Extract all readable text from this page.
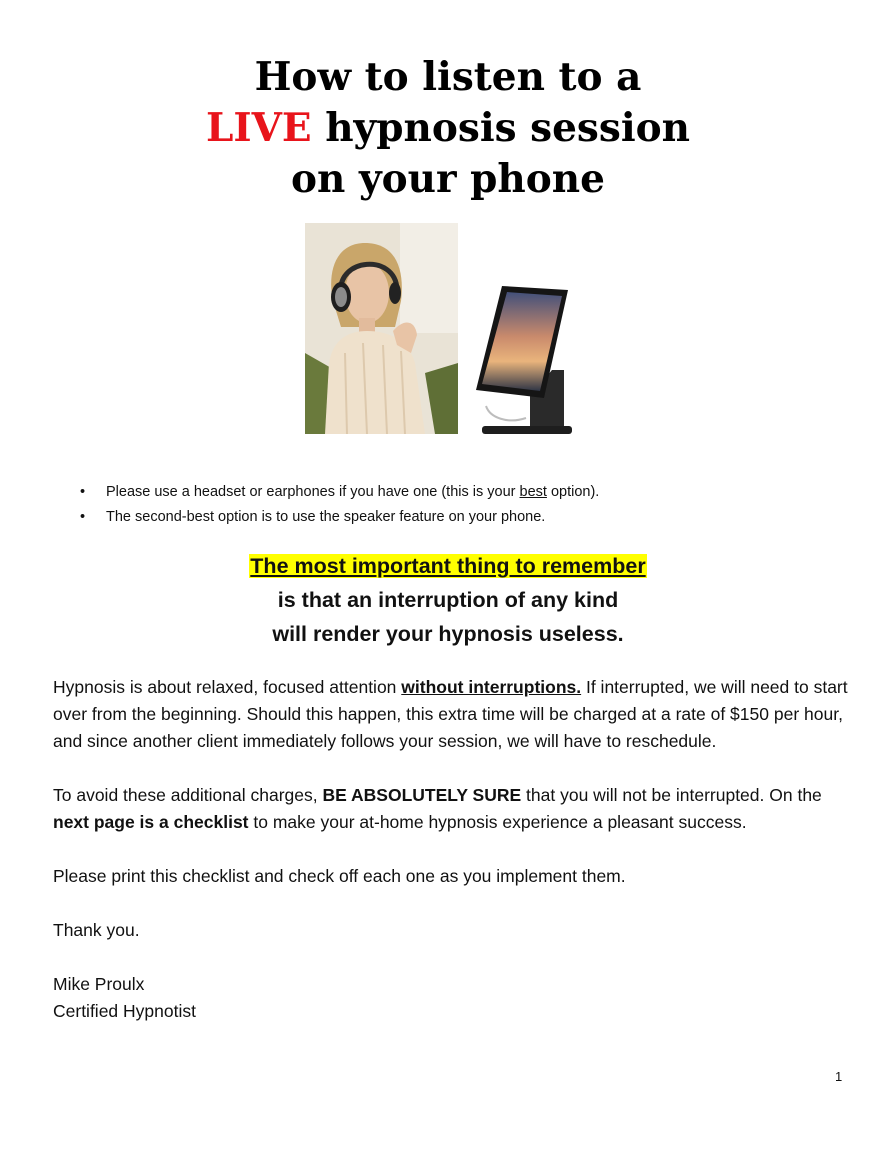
How to listen to a
LIVE hypnosis session
on your phone
• Please use a headset or earphones if you have one (this is your best option).
• The second-best option is to use the speaker feature on your phone.
The most important thing to remember
is that an interruption of any kind
will render your hypnosis useless.

Hypnosis is about relaxed, focused attention without interruptions. If interrupted, we will need to start over from the beginning. Should this happen, this extra time will be charged at a rate of $150 per hour, and since another client immediately follows your session, we will have to reschedule.

To avoid these additional charges, BE ABSOLUTELY SURE that you will not be interrupted. On the next page is a checklist to make your at-home hypnosis experience a pleasant success.

Please print this checklist and check off each one as you implement them.

Thank you.

Mike Proulx

Certified Hypnotist

1
